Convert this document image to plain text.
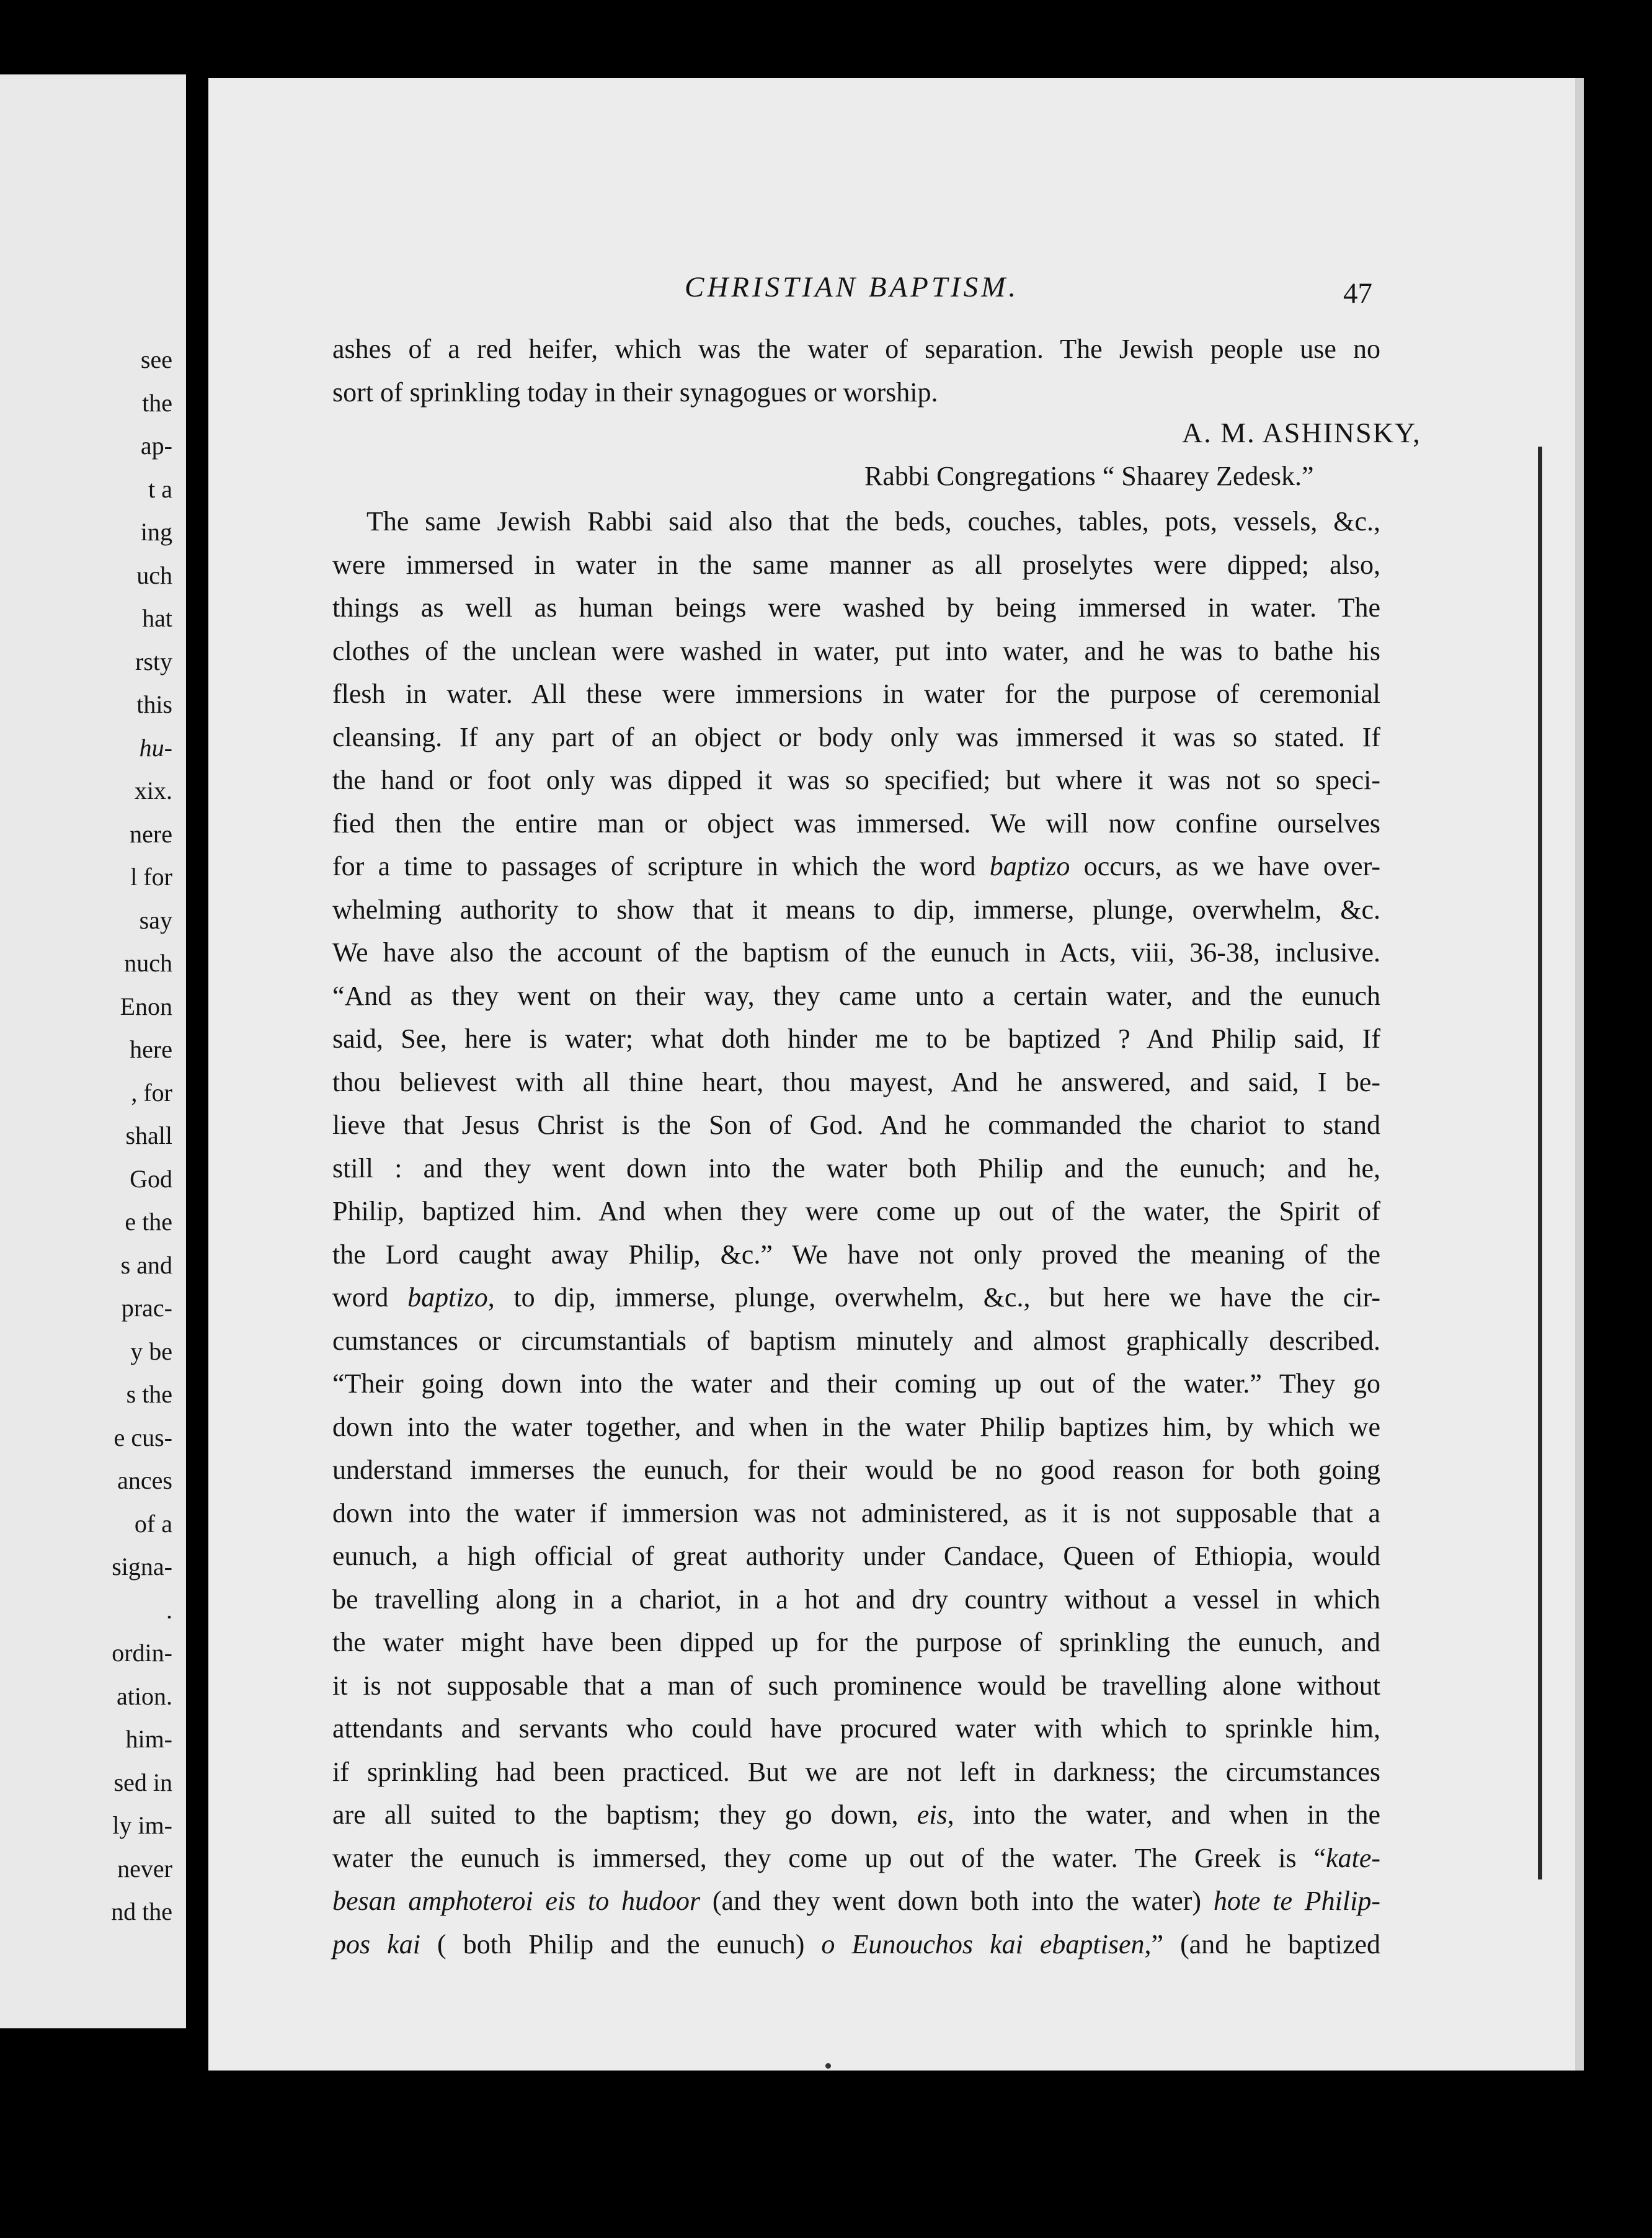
see
the
ap-
t a
ing
uch
hat
rsty
this
hu-
xix.
nere
l for
say
nuch
Enon
here
, for
shall
God
e the
s and
prac-
y be
s the
e cus-
ances
of a
signa-
.
ordin-
ation.
him-
sed in
ly im-
never
nd the
CHRISTIAN BAPTISM.	47
ashes of a red heifer, which was the water of separation. The Jewish people use no
sort of sprinkling today in their synagogues or worship.
A. M. ASHINSKY,
Rabbi Congregations “ Shaarey Zedesk.”
The same Jewish Rabbi said also that the beds, couches, tables, pots, vessels, &c.,
were immersed in water in the same manner as all proselytes were dipped; also,
things as well as human beings were washed by being immersed in water. The
clothes of the unclean were washed in water, put into water, and he was to bathe his
flesh in water. All these were immersions in water for the purpose of ceremonial
cleansing. If any part of an object or body only was immersed it was so stated. If
the hand or foot only was dipped it was so specified; but where it was not so speci-
fied then the entire man or object was immersed. We will now confine ourselves
for a time to passages of scripture in which the word baptizo occurs, as we have over-
whelming authority to show that it means to dip, immerse, plunge, overwhelm, &c.
We have also the account of the baptism of the eunuch in Acts, viii, 36-38, inclusive.
“And as they went on their way, they came unto a certain water, and the eunuch
said, See, here is water; what doth hinder me to be baptized ? And Philip said, If
thou believest with all thine heart, thou mayest, And he answered, and said, I be-
lieve that Jesus Christ is the Son of God. And he commanded the chariot to stand
still : and they went down into the water both Philip and the eunuch; and he,
Philip, baptized him. And when they were come up out of the water, the Spirit of
the Lord caught away Philip, &c.” We have not only proved the meaning of the
word baptizo, to dip, immerse, plunge, overwhelm, &c., but here we have the cir-
cumstances or circumstantials of baptism minutely and almost graphically described.
“Their going down into the water and their coming up out of the water.” They go
down into the water together, and when in the water Philip baptizes him, by which we
understand immerses the eunuch, for their would be no good reason for both going
down into the water if immersion was not administered, as it is not supposable that a
eunuch, a high official of great authority under Candace, Queen of Ethiopia, would
be travelling along in a chariot, in a hot and dry country without a vessel in which
the water might have been dipped up for the purpose of sprinkling the eunuch, and
it is not supposable that a man of such prominence would be travelling alone without
attendants and servants who could have procured water with which to sprinkle him,
if sprinkling had been practiced. But we are not left in darkness; the circumstances
are all suited to the baptism; they go down, eis, into the water, and when in the
water the eunuch is immersed, they come up out of the water. The Greek is “kate-
besan amphoteroi eis to hudoor (and they went down both into the water) hote te Philip-
pos kai ( both Philip and the eunuch) o Eunouchos kai ebaptisen,” (and he baptized
